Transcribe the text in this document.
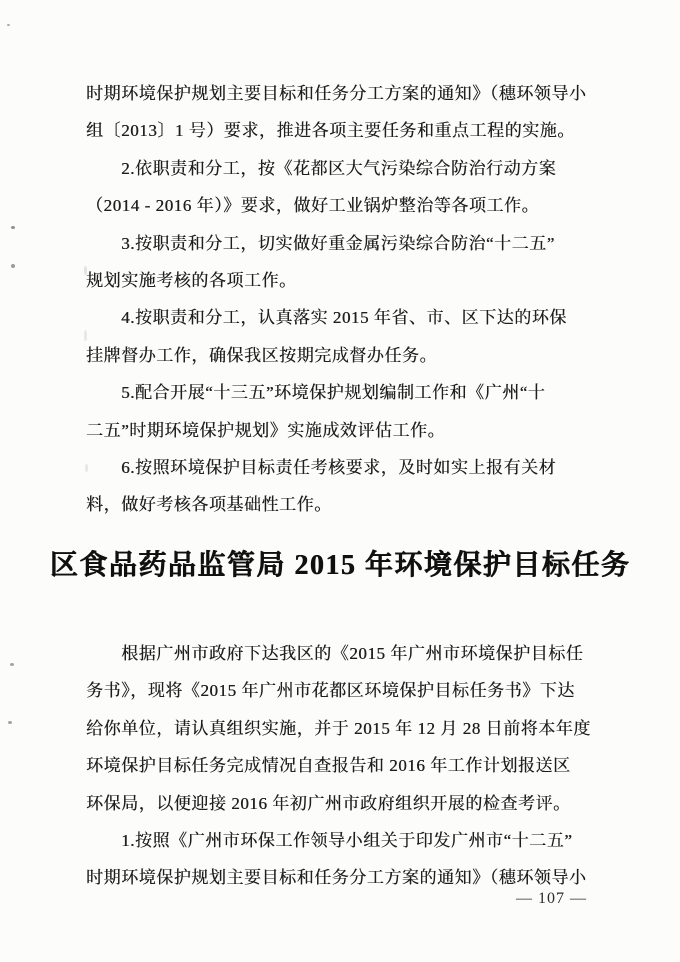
时期环境保护规划主要目标和任务分工方案的通知》（穗环领导小
组〔2013〕1 号）要求，推进各项主要任务和重点工程的实施。
　　2.依职责和分工，按《花都区大气污染综合防治行动方案
（2014 - 2016 年）》要求，做好工业锅炉整治等各项工作。
　　3.按职责和分工，切实做好重金属污染综合防治“十二五”
规划实施考核的各项工作。
　　4.按职责和分工，认真落实 2015 年省、市、区下达的环保
挂牌督办工作，确保我区按期完成督办任务。
　　5.配合开展“十三五”环境保护规划编制工作和《广州“十
二五”时期环境保护规划》实施成效评估工作。
　　6.按照环境保护目标责任考核要求，及时如实上报有关材
料，做好考核各项基础性工作。
区食品药品监管局 2015 年环境保护目标任务
　　根据广州市政府下达我区的《2015 年广州市环境保护目标任
务书》，现将《2015 年广州市花都区环境保护目标任务书》下达
给你单位，请认真组织实施，并于 2015 年 12 月 28 日前将本年度
环境保护目标任务完成情况自查报告和 2016 年工作计划报送区
环保局，以便迎接 2016 年初广州市政府组织开展的检查考评。
　　1.按照《广州市环保工作领导小组关于印发广州市“十二五”
时期环境保护规划主要目标和任务分工方案的通知》（穗环领导小
— 107 —
